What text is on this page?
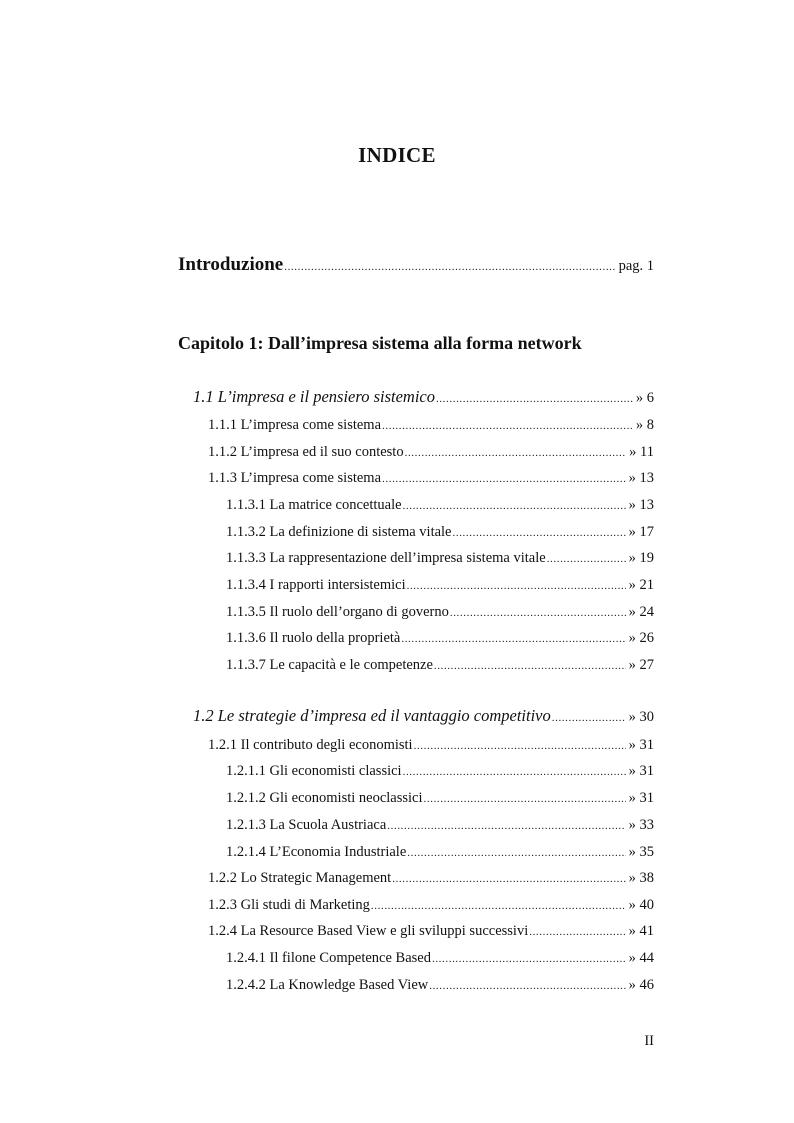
INDICE
Introduzione .....	pag. 1
Capitolo 1: Dall’impresa sistema alla forma network
1.1 L’impresa e il pensiero sistemico .....	» 6
1.1.1 L’impresa come sistema .....	» 8
1.1.2 L’impresa ed il suo contesto .....	» 11
1.1.3 L’impresa come sistema .....	» 13
1.1.3.1 La matrice concettuale .....	» 13
1.1.3.2 La definizione di sistema vitale .....	» 17
1.1.3.3 La rappresentazione dell’impresa sistema vitale .....	» 19
1.1.3.4 I rapporti intersistemici .....	» 21
1.1.3.5 Il ruolo dell’organo di governo .....	» 24
1.1.3.6 Il ruolo della proprietà .....	» 26
1.1.3.7 Le capacità e le competenze .....	» 27
1.2 Le strategie d’impresa ed il vantaggio competitivo .....	» 30
1.2.1 Il contributo degli economisti .....	» 31
1.2.1.1 Gli economisti classici .....	» 31
1.2.1.2 Gli economisti neoclassici .....	» 31
1.2.1.3 La Scuola Austriaca .....	» 33
1.2.1.4 L’Economia Industriale .....	» 35
1.2.2 Lo Strategic Management .....	» 38
1.2.3 Gli studi di Marketing .....	» 40
1.2.4 La Resource Based View e gli sviluppi successivi .....	» 41
1.2.4.1 Il filone Competence Based .....	» 44
1.2.4.2 La Knowledge Based View .....	» 46
II
